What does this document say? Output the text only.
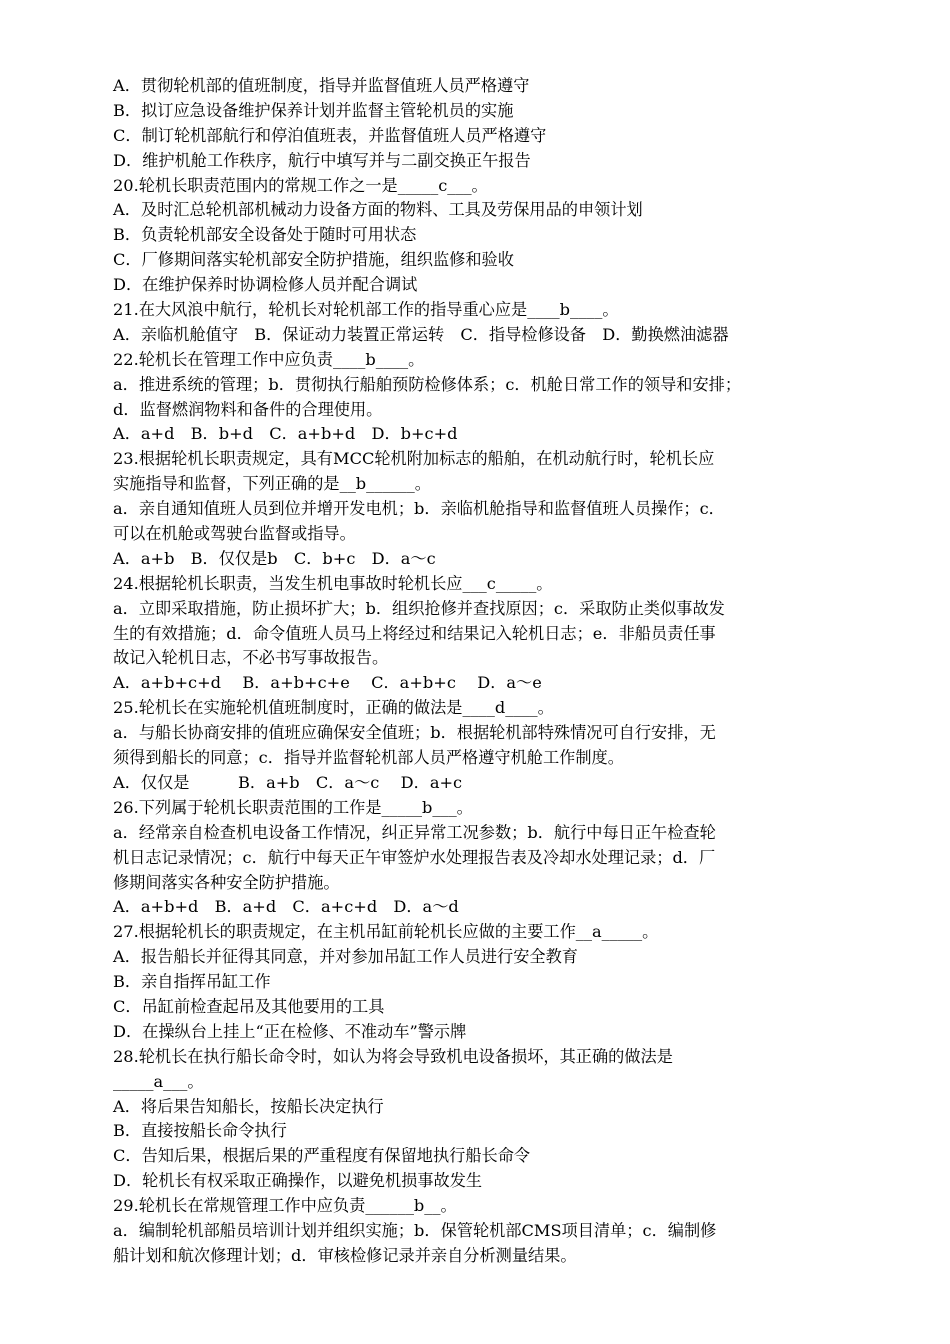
A．贯彻轮机部的值班制度，指导并监督值班人员严格遵守
B．拟订应急设备维护保养计划并监督主管轮机员的实施
C．制订轮机部航行和停泊值班表，并监督值班人员严格遵守
D．维护机舱工作秩序，航行中填写并与二副交换正午报告
20.轮机长职责范围内的常规工作之一是_____c___。
A．及时汇总轮机部机械动力设备方面的物料、工具及劳保用品的申领计划
B．负责轮机部安全设备处于随时可用状态
C．厂修期间落实轮机部安全防护措施，组织监修和验收
D．在维护保养时协调检修人员并配合调试
21.在大风浪中航行，轮机长对轮机部工作的指导重心应是____b____。
A．亲临机舱值守　B．保证动力装置正常运转　C．指导检修设备　D．勤换燃油滤器
22.轮机长在管理工作中应负责____b____。
a．推进系统的管理；b．贯彻执行船舶预防检修体系；c．机舱日常工作的领导和安排；
d．监督燃润物料和备件的合理使用。
A．a+d　B．b+d　C．a+b+d　D．b+c+d
23.根据轮机长职责规定，具有MCC轮机附加标志的船舶，在机动航行时，轮机长应
实施指导和监督，下列正确的是__b______。
a．亲自通知值班人员到位并增开发电机；b．亲临机舱指导和监督值班人员操作；c．
可以在机舱或驾驶台监督或指导。
A．a+b　B．仅仅是b　C．b+c　D．a～c
24.根据轮机长职责，当发生机电事故时轮机长应___c_____。
a．立即采取措施，防止损坏扩大；b．组织抢修并查找原因；c．采取防止类似事故发
生的有效措施；d．命令值班人员马上将经过和结果记入轮机日志；e．非船员责任事
故记入轮机日志，不必书写事故报告。
A．a+b+c+d　 B．a+b+c+e　 C．a+b+c　 D．a～e
25.轮机长在实施轮机值班制度时，正确的做法是____d____。
a．与船长协商安排的值班应确保安全值班；b．根据轮机部特殊情况可自行安排，无
须得到船长的同意；c．指导并监督轮机部人员严格遵守机舱工作制度。
A．仅仅是　　　B．a+b　C．a～c　 D．a+c
26.下列属于轮机长职责范围的工作是_____b___。
a．经常亲自检查机电设备工作情况，纠正异常工况参数；b．航行中每日正午检查轮
机日志记录情况；c．航行中每天正午审签炉水处理报告表及冷却水处理记录；d．厂
修期间落实各种安全防护措施。
A．a+b+d　B．a+d　C．a+c+d　D．a～d
27.根据轮机长的职责规定，在主机吊缸前轮机长应做的主要工作__a_____。
A．报告船长并征得其同意，并对参加吊缸工作人员进行安全教育
B．亲自指挥吊缸工作
C．吊缸前检查起吊及其他要用的工具
D．在操纵台上挂上“正在检修、不准动车”警示牌
28.轮机长在执行船长命令时，如认为将会导致机电设备损坏，其正确的做法是
_____a___。
A．将后果告知船长，按船长决定执行
B．直接按船长命令执行
C．告知后果，根据后果的严重程度有保留地执行船长命令
D．轮机长有权采取正确操作，以避免机损事故发生
29.轮机长在常规管理工作中应负责______b__。
a．编制轮机部船员培训计划并组织实施；b．保管轮机部CMS项目清单；c．编制修
船计划和航次修理计划；d．审核检修记录并亲自分析测量结果。
